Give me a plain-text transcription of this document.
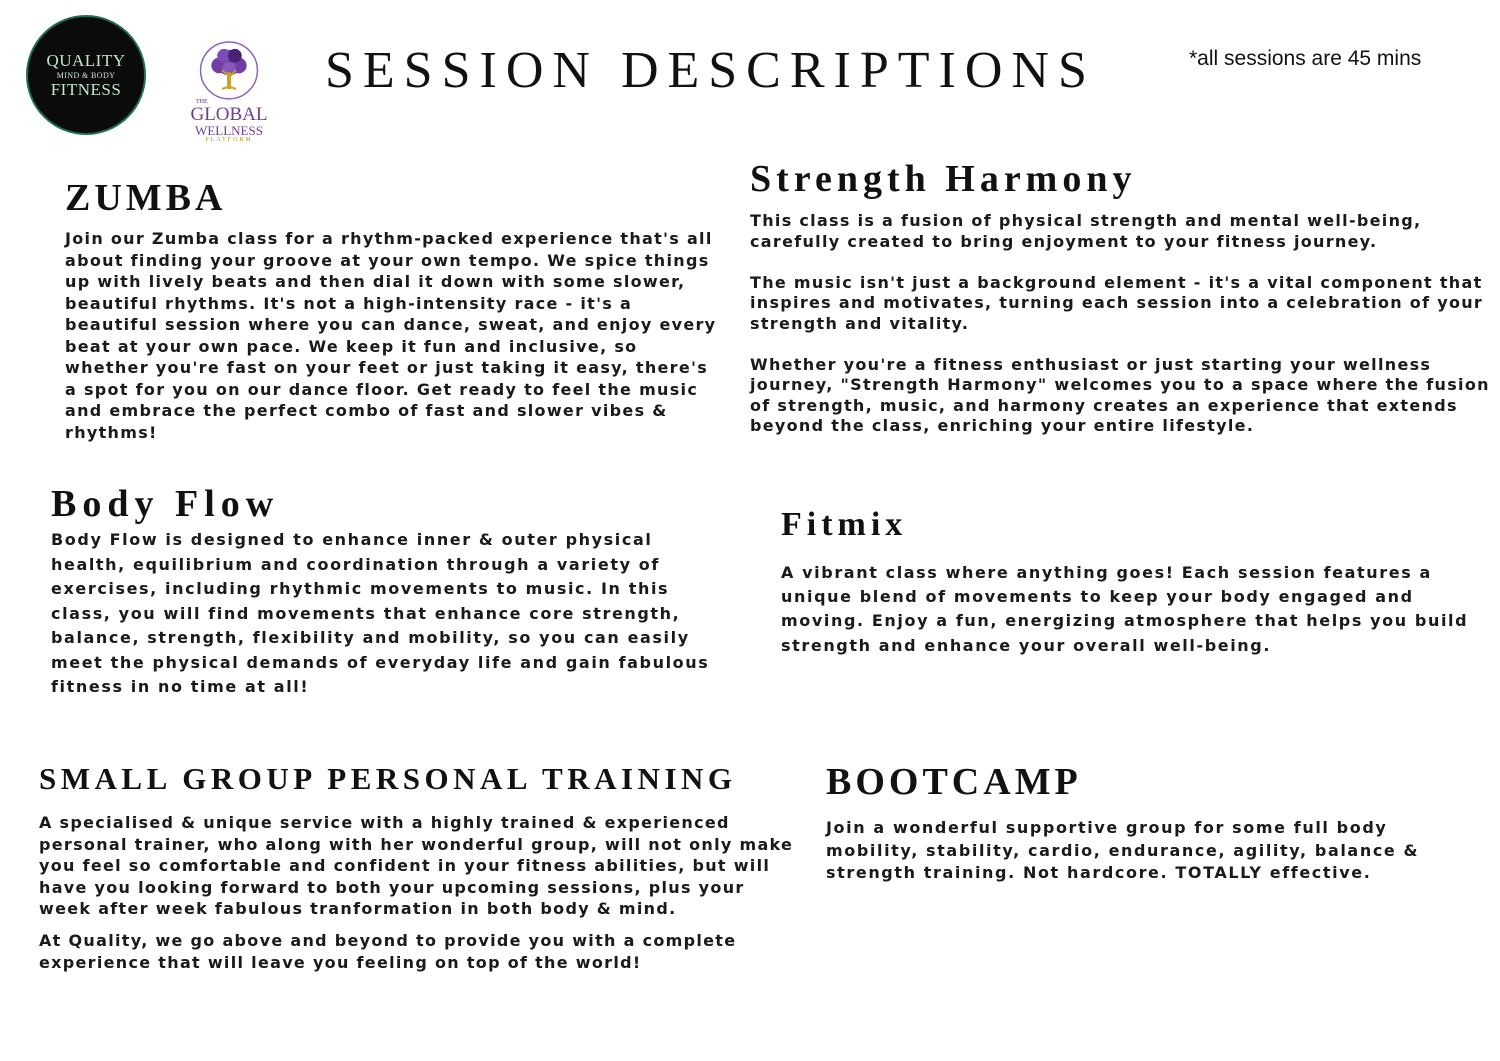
QUALITY
MIND & BODY
FITNESS
THE
GLOBAL
WELLNESS
PLATFORM
SESSION DESCRIPTIONS	*all sessions are 45 mins
ZUMBA

Join our Zumba class for a rhythm-packed experience that's all about finding your groove at your own tempo. We spice things up with lively beats and then dial it down with some slower, beautiful rhythms. It's not a high-intensity race - it's a beautiful session where you can dance, sweat, and enjoy every beat at your own pace. We keep it fun and inclusive, so whether you're fast on your feet or just taking it easy, there's a spot for you on our dance floor. Get ready to feel the music and embrace the perfect combo of fast and slower vibes & rhythms!

Strength Harmony

This class is a fusion of physical strength and mental well-being, carefully created to bring enjoyment to your fitness journey.

The music isn't just a background element - it's a vital component that inspires and motivates, turning each session into a celebration of your strength and vitality.

Whether you're a fitness enthusiast or just starting your wellness journey, "Strength Harmony" welcomes you to a space where the fusion of strength, music, and harmony creates an experience that extends beyond the class, enriching your entire lifestyle.

Body Flow

Body Flow is designed to enhance inner & outer physical health, equilibrium and coordination through a variety of exercises, including rhythmic movements to music. In this class, you will find movements that enhance core strength, balance, strength, flexibility and mobility, so you can easily meet the physical demands of everyday life and gain fabulous fitness in no time at all!

Fitmix

A vibrant class where anything goes! Each session features a unique blend of movements to keep your body engaged and moving. Enjoy a fun, energizing atmosphere that helps you build strength and enhance your overall well-being.

SMALL GROUP PERSONAL TRAINING

A specialised & unique service with a highly trained & experienced personal trainer, who along with her wonderful group, will not only make you feel so comfortable and confident in your fitness abilities, but will have you looking forward to both your upcoming sessions, plus your week after week fabulous tranformation in both body & mind.

At Quality, we go above and beyond to provide you with a complete experience that will leave you feeling on top of the world!

BOOTCAMP

Join a wonderful supportive group for some full body mobility, stability, cardio, endurance, agility, balance & strength training. Not hardcore. TOTALLY effective.
